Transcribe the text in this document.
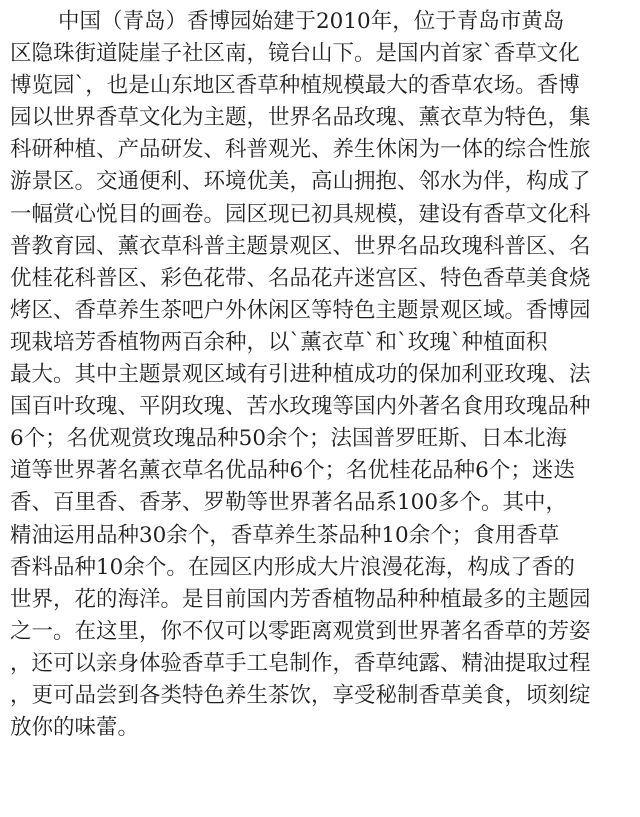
中国（青岛）香博园始建于2010年，位于青岛市黄岛
区隐珠街道陡崖子社区南，镜台山下。是国内首家`香草文化
博览园`，也是山东地区香草种植规模最大的香草农场。香博
园以世界香草文化为主题，世界名品玫瑰、薰衣草为特色，集
科研种植、产品研发、科普观光、养生休闲为一体的综合性旅
游景区。交通便利、环境优美，高山拥抱、邻水为伴，构成了
一幅赏心悦目的画卷。园区现已初具规模，建设有香草文化科
普教育园、薰衣草科普主题景观区、世界名品玫瑰科普区、名
优桂花科普区、彩色花带、名品花卉迷宫区、特色香草美食烧
烤区、香草养生茶吧户外休闲区等特色主题景观区域。香博园
现栽培芳香植物两百余种，以`薰衣草`和`玫瑰`种植面积
最大。其中主题景观区域有引进种植成功的保加利亚玫瑰、法
国百叶玫瑰、平阴玫瑰、苦水玫瑰等国内外著名食用玫瑰品种
6个；名优观赏玫瑰品种50余个；法国普罗旺斯、日本北海
道等世界著名薰衣草名优品种6个；名优桂花品种6个；迷迭
香、百里香、香茅、罗勒等世界著名品系100多个。其中，
精油运用品种30余个，香草养生茶品种10余个；食用香草
香料品种10余个。在园区内形成大片浪漫花海，构成了香的
世界，花的海洋。是目前国内芳香植物品种种植最多的主题园
之一。在这里，你不仅可以零距离观赏到世界著名香草的芳姿
，还可以亲身体验香草手工皂制作，香草纯露、精油提取过程
，更可品尝到各类特色养生茶饮，享受秘制香草美食，顷刻绽
放你的味蕾。
